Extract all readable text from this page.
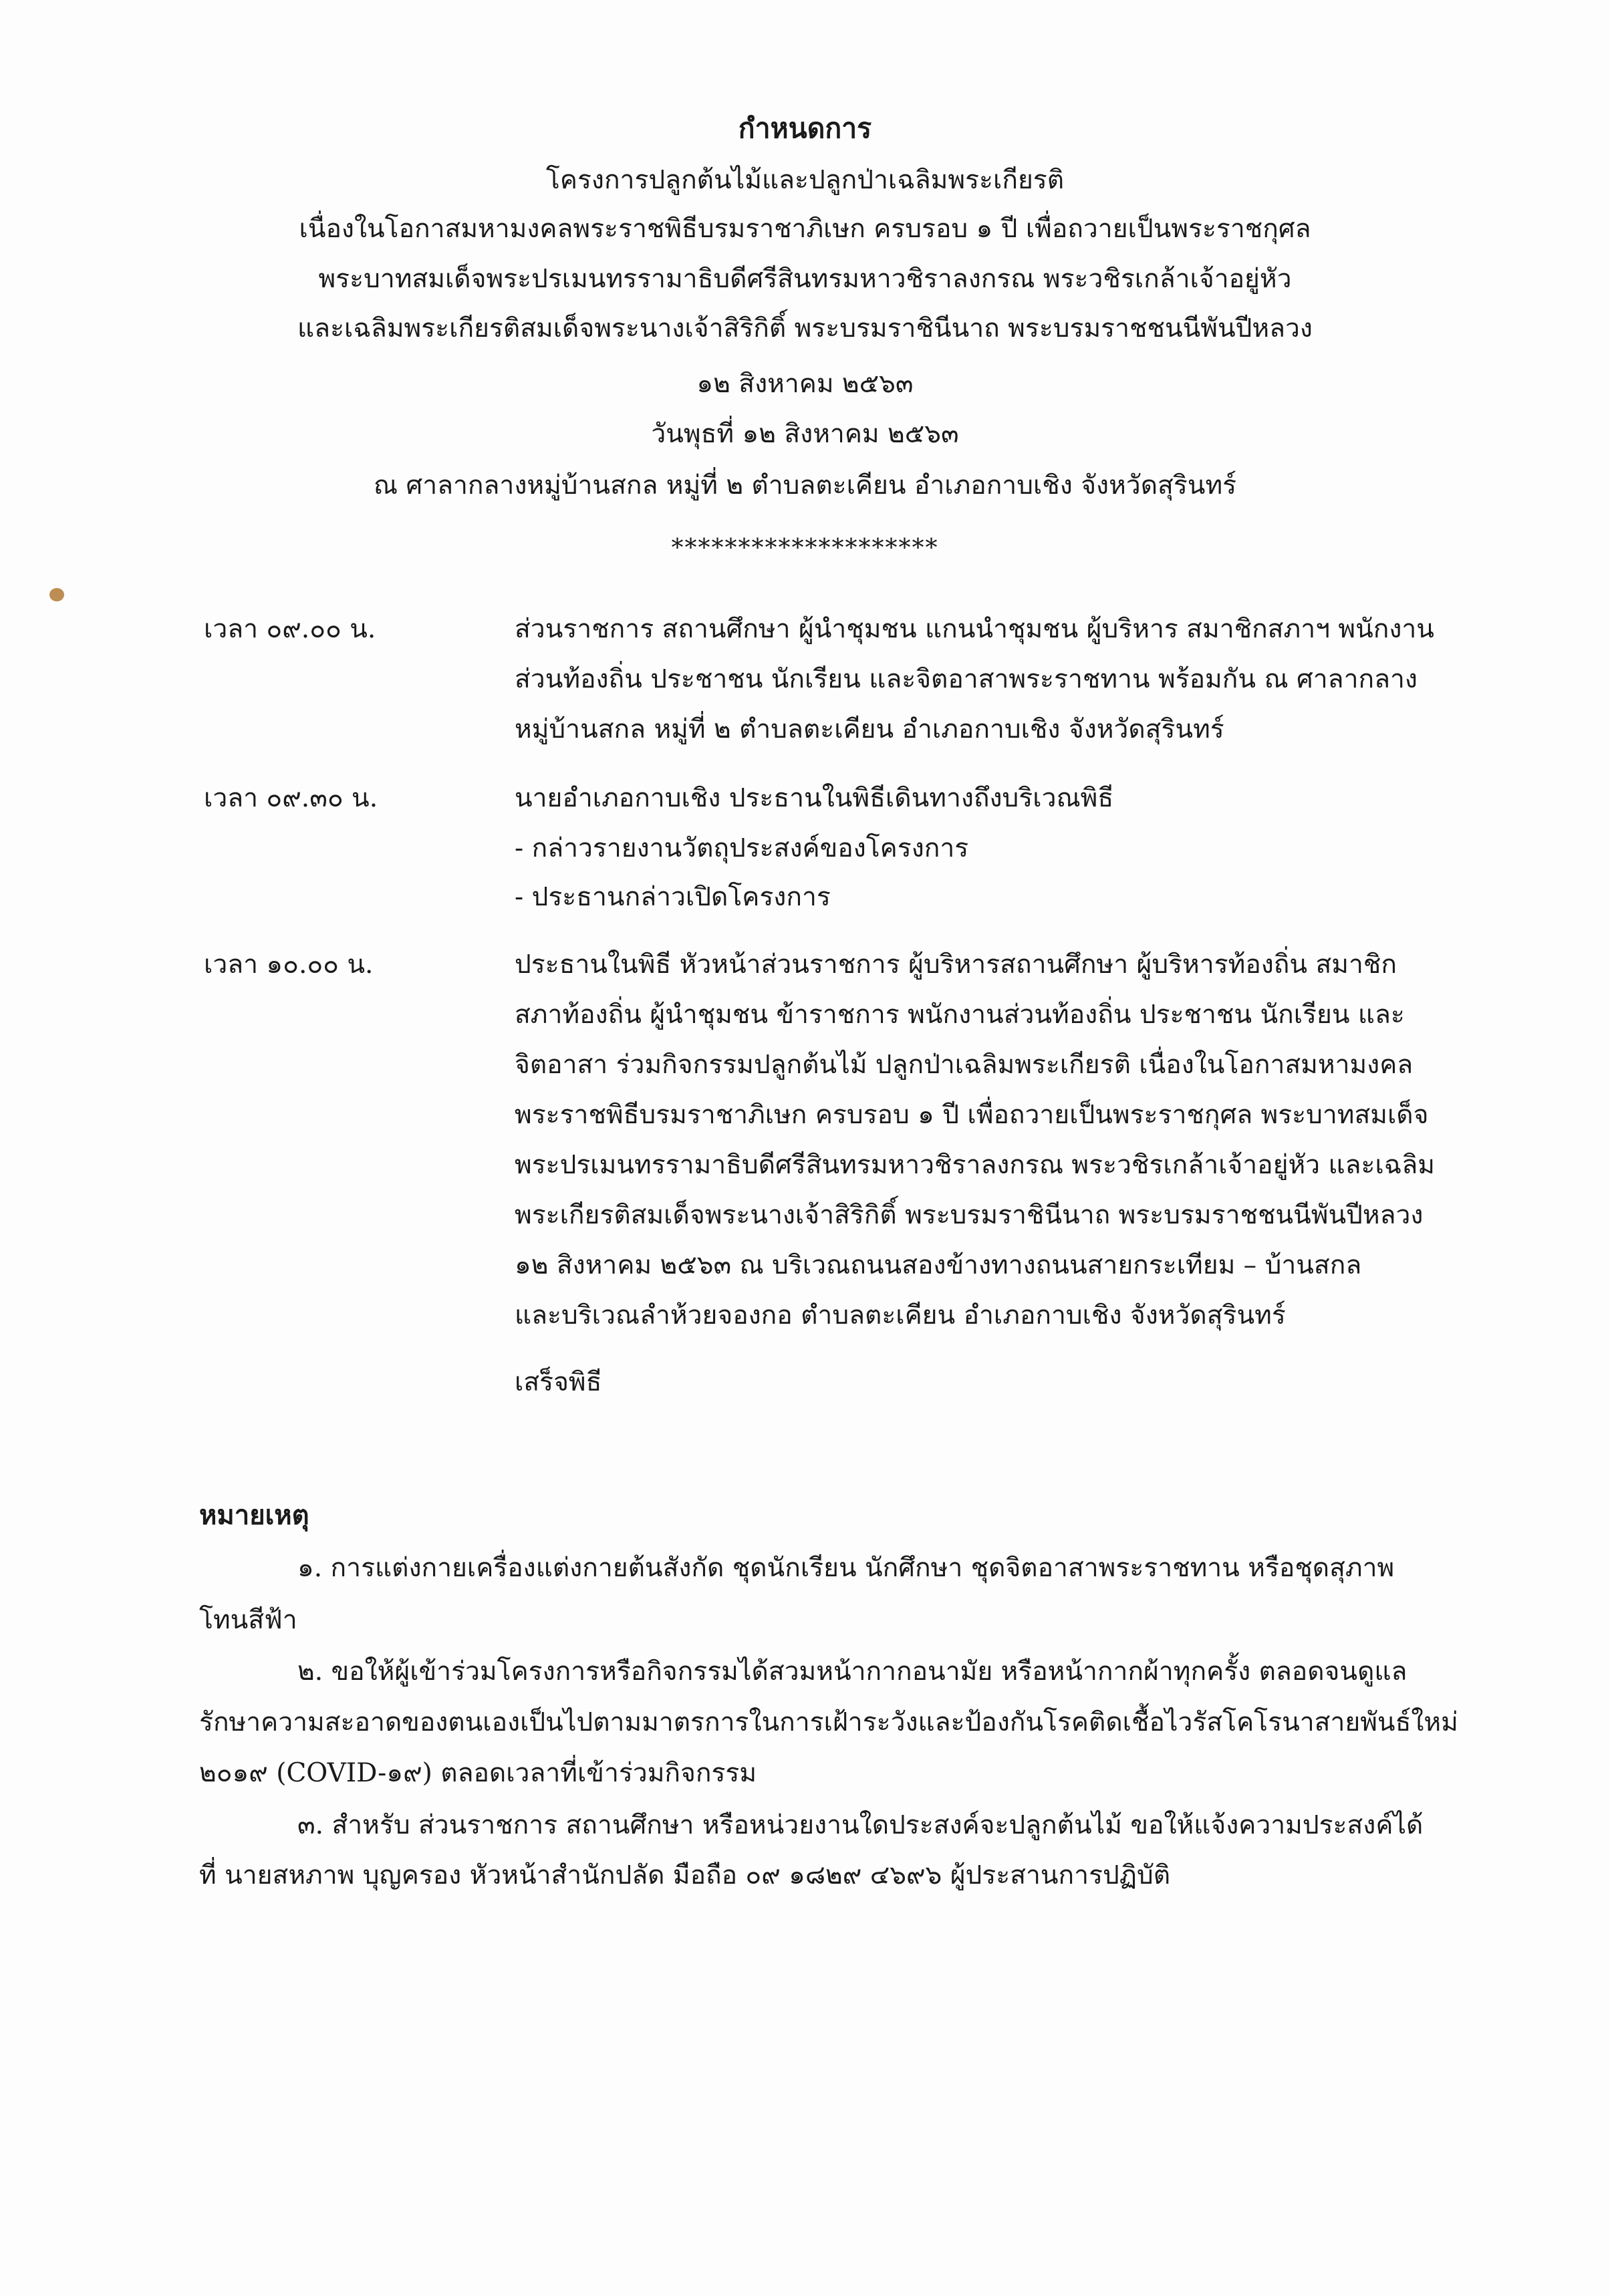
กำหนดการ
โครงการปลูกต้นไม้และปลูกป่าเฉลิมพระเกียรติ
เนื่องในโอกาสมหามงคลพระราชพิธีบรมราชาภิเษก ครบรอบ ๑ ปี เพื่อถวายเป็นพระราชกุศล
พระบาทสมเด็จพระปรเมนทรรามาธิบดีศรีสินทรมหาวชิราลงกรณ พระวชิรเกล้าเจ้าอยู่หัว
และเฉลิมพระเกียรติสมเด็จพระนางเจ้าสิริกิติ์ พระบรมราชินีนาถ พระบรมราชชนนีพันปีหลวง
๑๒ สิงหาคม ๒๕๖๓
วันพุธที่ ๑๒ สิงหาคม ๒๕๖๓
ณ ศาลากลางหมู่บ้านสกล หมู่ที่ ๒ ตำบลตะเคียน อำเภอกาบเชิง จังหวัดสุรินทร์
********************
เวลา ๐๙.๐๐ น.	ส่วนราชการ สถานศึกษา ผู้นำชุมชน แกนนำชุมชน ผู้บริหาร สมาชิกสภาฯ พนักงาน
ส่วนท้องถิ่น ประชาชน นักเรียน และจิตอาสาพระราชทาน พร้อมกัน ณ ศาลากลาง
หมู่บ้านสกล หมู่ที่ ๒ ตำบลตะเคียน อำเภอกาบเชิง จังหวัดสุรินทร์
เวลา ๐๙.๓๐ น.	นายอำเภอกาบเชิง ประธานในพิธีเดินทางถึงบริเวณพิธี
- กล่าวรายงานวัตถุประสงค์ของโครงการ
- ประธานกล่าวเปิดโครงการ
เวลา ๑๐.๐๐ น.	ประธานในพิธี หัวหน้าส่วนราชการ ผู้บริหารสถานศึกษา ผู้บริหารท้องถิ่น สมาชิก
สภาท้องถิ่น ผู้นำชุมชน ข้าราชการ พนักงานส่วนท้องถิ่น ประชาชน นักเรียน และ
จิตอาสา ร่วมกิจกรรมปลูกต้นไม้ ปลูกป่าเฉลิมพระเกียรติ เนื่องในโอกาสมหามงคล
พระราชพิธีบรมราชาภิเษก ครบรอบ ๑ ปี เพื่อถวายเป็นพระราชกุศล พระบาทสมเด็จ
พระปรเมนทรรามาธิบดีศรีสินทรมหาวชิราลงกรณ พระวชิรเกล้าเจ้าอยู่หัว และเฉลิม
พระเกียรติสมเด็จพระนางเจ้าสิริกิติ์ พระบรมราชินีนาถ พระบรมราชชนนีพันปีหลวง
๑๒ สิงหาคม ๒๕๖๓ ณ บริเวณถนนสองข้างทางถนนสายกระเทียม – บ้านสกล
และบริเวณลำห้วยจองกอ ตำบลตะเคียน อำเภอกาบเชิง จังหวัดสุรินทร์
เสร็จพิธี
หมายเหตุ
๑. การแต่งกายเครื่องแต่งกายต้นสังกัด ชุดนักเรียน นักศึกษา ชุดจิตอาสาพระราชทาน หรือชุดสุภาพ
โทนสีฟ้า
๒. ขอให้ผู้เข้าร่วมโครงการหรือกิจกรรมได้สวมหน้ากากอนามัย หรือหน้ากากผ้าทุกครั้ง ตลอดจนดูแล
รักษาความสะอาดของตนเองเป็นไปตามมาตรการในการเฝ้าระวังและป้องกันโรคติดเชื้อไวรัสโคโรนาสายพันธ์ใหม่
๒๐๑๙ (COVID-๑๙) ตลอดเวลาที่เข้าร่วมกิจกรรม
๓. สำหรับ ส่วนราชการ สถานศึกษา หรือหน่วยงานใดประสงค์จะปลูกต้นไม้ ขอให้แจ้งความประสงค์ได้
ที่ นายสหภาพ บุญครอง หัวหน้าสำนักปลัด มือถือ ๐๙ ๑๘๒๙ ๔๖๙๖ ผู้ประสานการปฏิบัติ
